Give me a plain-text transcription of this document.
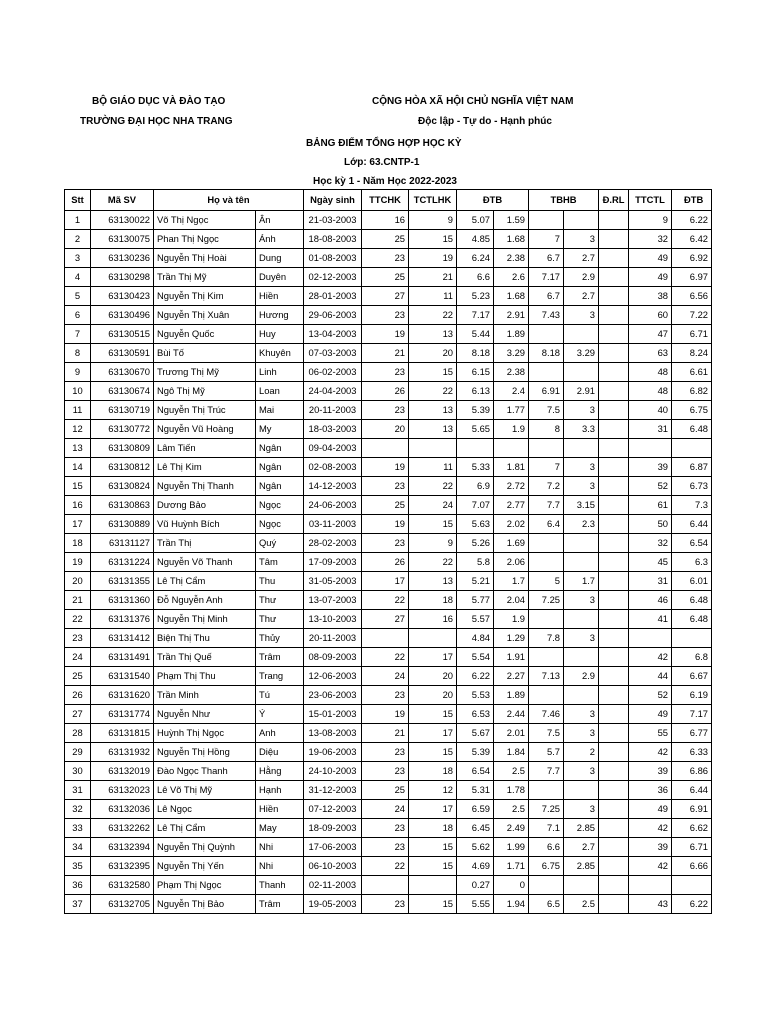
BỘ GIÁO DỤC VÀ ĐÀO TẠO
TRƯỜNG ĐẠI HỌC NHA TRANG
CỘNG HÒA XÃ HỘI CHỦ NGHĨA VIỆT NAM
Độc lập - Tự do - Hạnh phúc
BẢNG ĐIỂM TỔNG HỢP HỌC KỲ
Lớp: 63.CNTP-1
Học kỳ 1 - Năm Học 2022-2023
Stt	Mã SV	Họ và tên		Ngày sinh	TTCHK	TCTLHK	ĐTB		TBHB		Đ.RL	TTCTL	ĐTB
1	63130022	Võ Thị Ngọc	Ân	21-03-2003	16	9	5.07	1.59				9	6.22
2	63130075	Phan Thị Ngọc	Ánh	18-08-2003	25	15	4.85	1.68	7	3		32	6.42
3	63130236	Nguyễn Thị Hoài	Dung	01-08-2003	23	19	6.24	2.38	6.7	2.7		49	6.92
4	63130298	Trần Thị Mỹ	Duyên	02-12-2003	25	21	6.6	2.6	7.17	2.9		49	6.97
5	63130423	Nguyễn Thị Kim	Hiền	28-01-2003	27	11	5.23	1.68	6.7	2.7		38	6.56
6	63130496	Nguyễn Thị Xuân	Hương	29-06-2003	23	22	7.17	2.91	7.43	3		60	7.22
7	63130515	Nguyễn Quốc	Huy	13-04-2003	19	13	5.44	1.89				47	6.71
8	63130591	Bùi Tố	Khuyên	07-03-2003	21	20	8.18	3.29	8.18	3.29		63	8.24
9	63130670	Trương Thị Mỹ	Linh	06-02-2003	23	15	6.15	2.38				48	6.61
10	63130674	Ngô Thị Mỹ	Loan	24-04-2003	26	22	6.13	2.4	6.91	2.91		48	6.82
11	63130719	Nguyễn Thị Trúc	Mai	20-11-2003	23	13	5.39	1.77	7.5	3		40	6.75
12	63130772	Nguyễn Vũ Hoàng	My	18-03-2003	20	13	5.65	1.9	8	3.3		31	6.48
13	63130809	Lâm Tiến	Ngân	09-04-2003									
14	63130812	Lê Thị Kim	Ngân	02-08-2003	19	11	5.33	1.81	7	3		39	6.87
15	63130824	Nguyễn Thị Thanh	Ngân	14-12-2003	23	22	6.9	2.72	7.2	3		52	6.73
16	63130863	Dương Bảo	Ngọc	24-06-2003	25	24	7.07	2.77	7.7	3.15		61	7.3
17	63130889	Vũ Huỳnh Bích	Ngọc	03-11-2003	19	15	5.63	2.02	6.4	2.3		50	6.44
18	63131127	Trần Thị	Quý	28-02-2003	23	9	5.26	1.69				32	6.54
19	63131224	Nguyễn Võ Thanh	Tâm	17-09-2003	26	22	5.8	2.06				45	6.3
20	63131355	Lê Thị Cẩm	Thu	31-05-2003	17	13	5.21	1.7	5	1.7		31	6.01
21	63131360	Đỗ Nguyễn Anh	Thư	13-07-2003	22	18	5.77	2.04	7.25	3		46	6.48
22	63131376	Nguyễn Thị Minh	Thư	13-10-2003	27	16	5.57	1.9				41	6.48
23	63131412	Biện Thị Thu	Thủy	20-11-2003			4.84	1.29	7.8	3			
24	63131491	Trần Thị Quế	Trâm	08-09-2003	22	17	5.54	1.91				42	6.8
25	63131540	Phạm Thị Thu	Trang	12-06-2003	24	20	6.22	2.27	7.13	2.9		44	6.67
26	63131620	Trần Minh	Tú	23-06-2003	23	20	5.53	1.89				52	6.19
27	63131774	Nguyễn Như	Ý	15-01-2003	19	15	6.53	2.44	7.46	3		49	7.17
28	63131815	Huỳnh Thị Ngọc	Anh	13-08-2003	21	17	5.67	2.01	7.5	3		55	6.77
29	63131932	Nguyễn Thị Hồng	Diệu	19-06-2003	23	15	5.39	1.84	5.7	2		42	6.33
30	63132019	Đào Ngọc Thanh	Hằng	24-10-2003	23	18	6.54	2.5	7.7	3		39	6.86
31	63132023	Lê Võ Thị Mỹ	Hạnh	31-12-2003	25	12	5.31	1.78				36	6.44
32	63132036	Lê Ngọc	Hiền	07-12-2003	24	17	6.59	2.5	7.25	3		49	6.91
33	63132262	Lê Thị Cẩm	May	18-09-2003	23	18	6.45	2.49	7.1	2.85		42	6.62
34	63132394	Nguyễn Thị Quỳnh	Nhi	17-06-2003	23	15	5.62	1.99	6.6	2.7		39	6.71
35	63132395	Nguyễn Thị Yến	Nhi	06-10-2003	22	15	4.69	1.71	6.75	2.85		42	6.66
36	63132580	Phạm Thị Ngọc	Thanh	02-11-2003			0.27	0					
37	63132705	Nguyễn Thị Bảo	Trâm	19-05-2003	23	15	5.55	1.94	6.5	2.5		43	6.22
